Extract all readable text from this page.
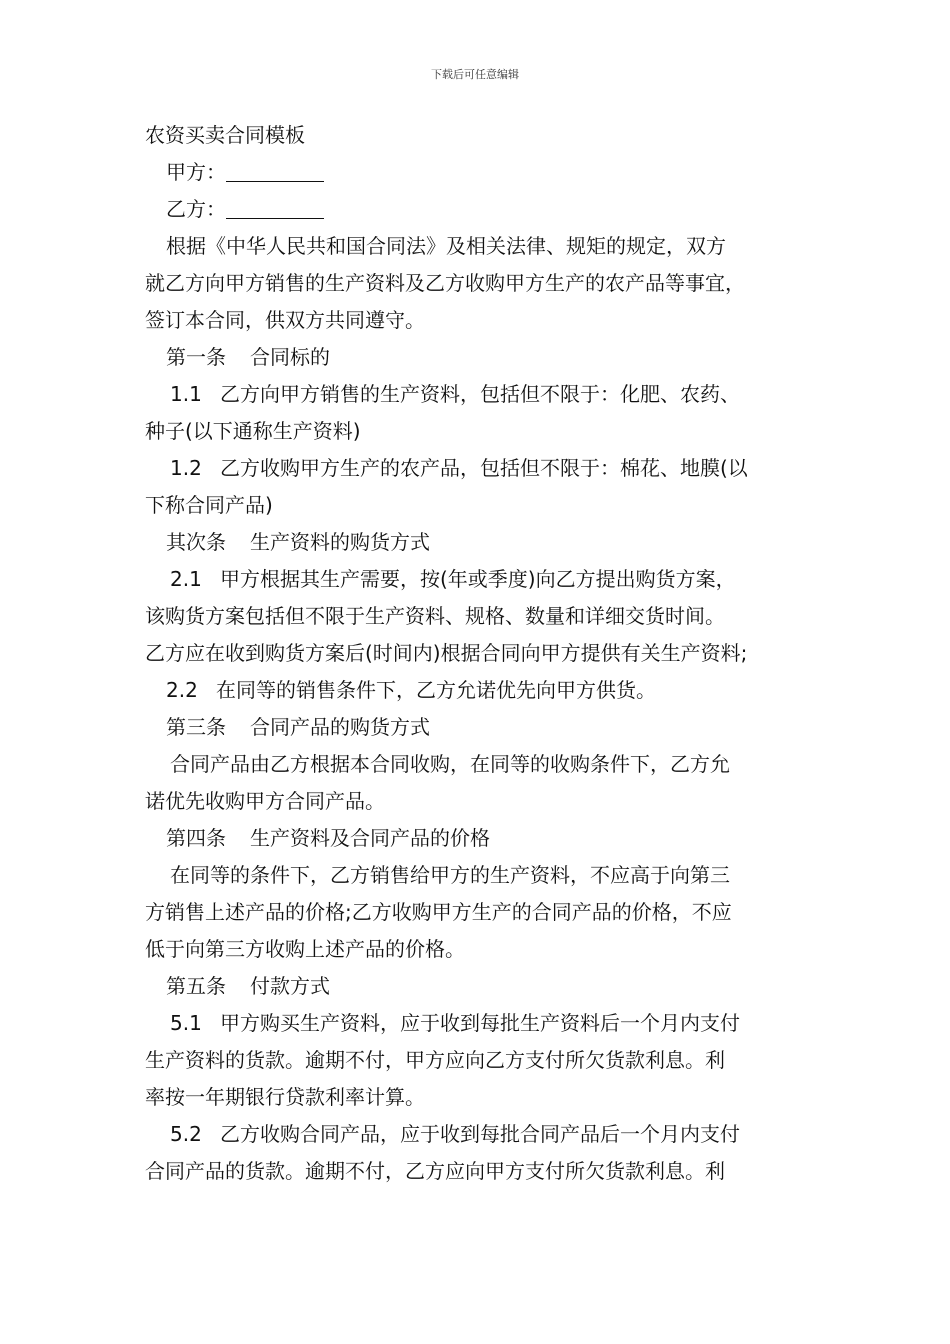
下载后可任意编辑
农资买卖合同模板
甲方：
乙方：
根据《中华人民共和国合同法》及相关法律、规矩的规定，双方
就乙方向甲方销售的生产资料及乙方收购甲方生产的农产品等事宜，
签订本合同，供双方共同遵守。
第一条 合同标的
1.1 乙方向甲方销售的生产资料，包括但不限于：化肥、农药、
种子(以下通称生产资料)
1.2 乙方收购甲方生产的农产品，包括但不限于：棉花、地膜(以
下称合同产品)
其次条 生产资料的购货方式
2.1 甲方根据其生产需要，按(年或季度)向乙方提出购货方案，
该购货方案包括但不限于生产资料、规格、数量和详细交货时间。
乙方应在收到购货方案后(时间内)根据合同向甲方提供有关生产资料;
2.2 在同等的销售条件下，乙方允诺优先向甲方供货。
第三条 合同产品的购货方式
合同产品由乙方根据本合同收购，在同等的收购条件下，乙方允
诺优先收购甲方合同产品。
第四条 生产资料及合同产品的价格
在同等的条件下，乙方销售给甲方的生产资料，不应高于向第三
方销售上述产品的价格;乙方收购甲方生产的合同产品的价格，不应
低于向第三方收购上述产品的价格。
第五条 付款方式
5.1 甲方购买生产资料，应于收到每批生产资料后一个月内支付
生产资料的货款。逾期不付，甲方应向乙方支付所欠货款利息。利
率按一年期银行贷款利率计算。
5.2 乙方收购合同产品，应于收到每批合同产品后一个月内支付
合同产品的货款。逾期不付，乙方应向甲方支付所欠货款利息。利
